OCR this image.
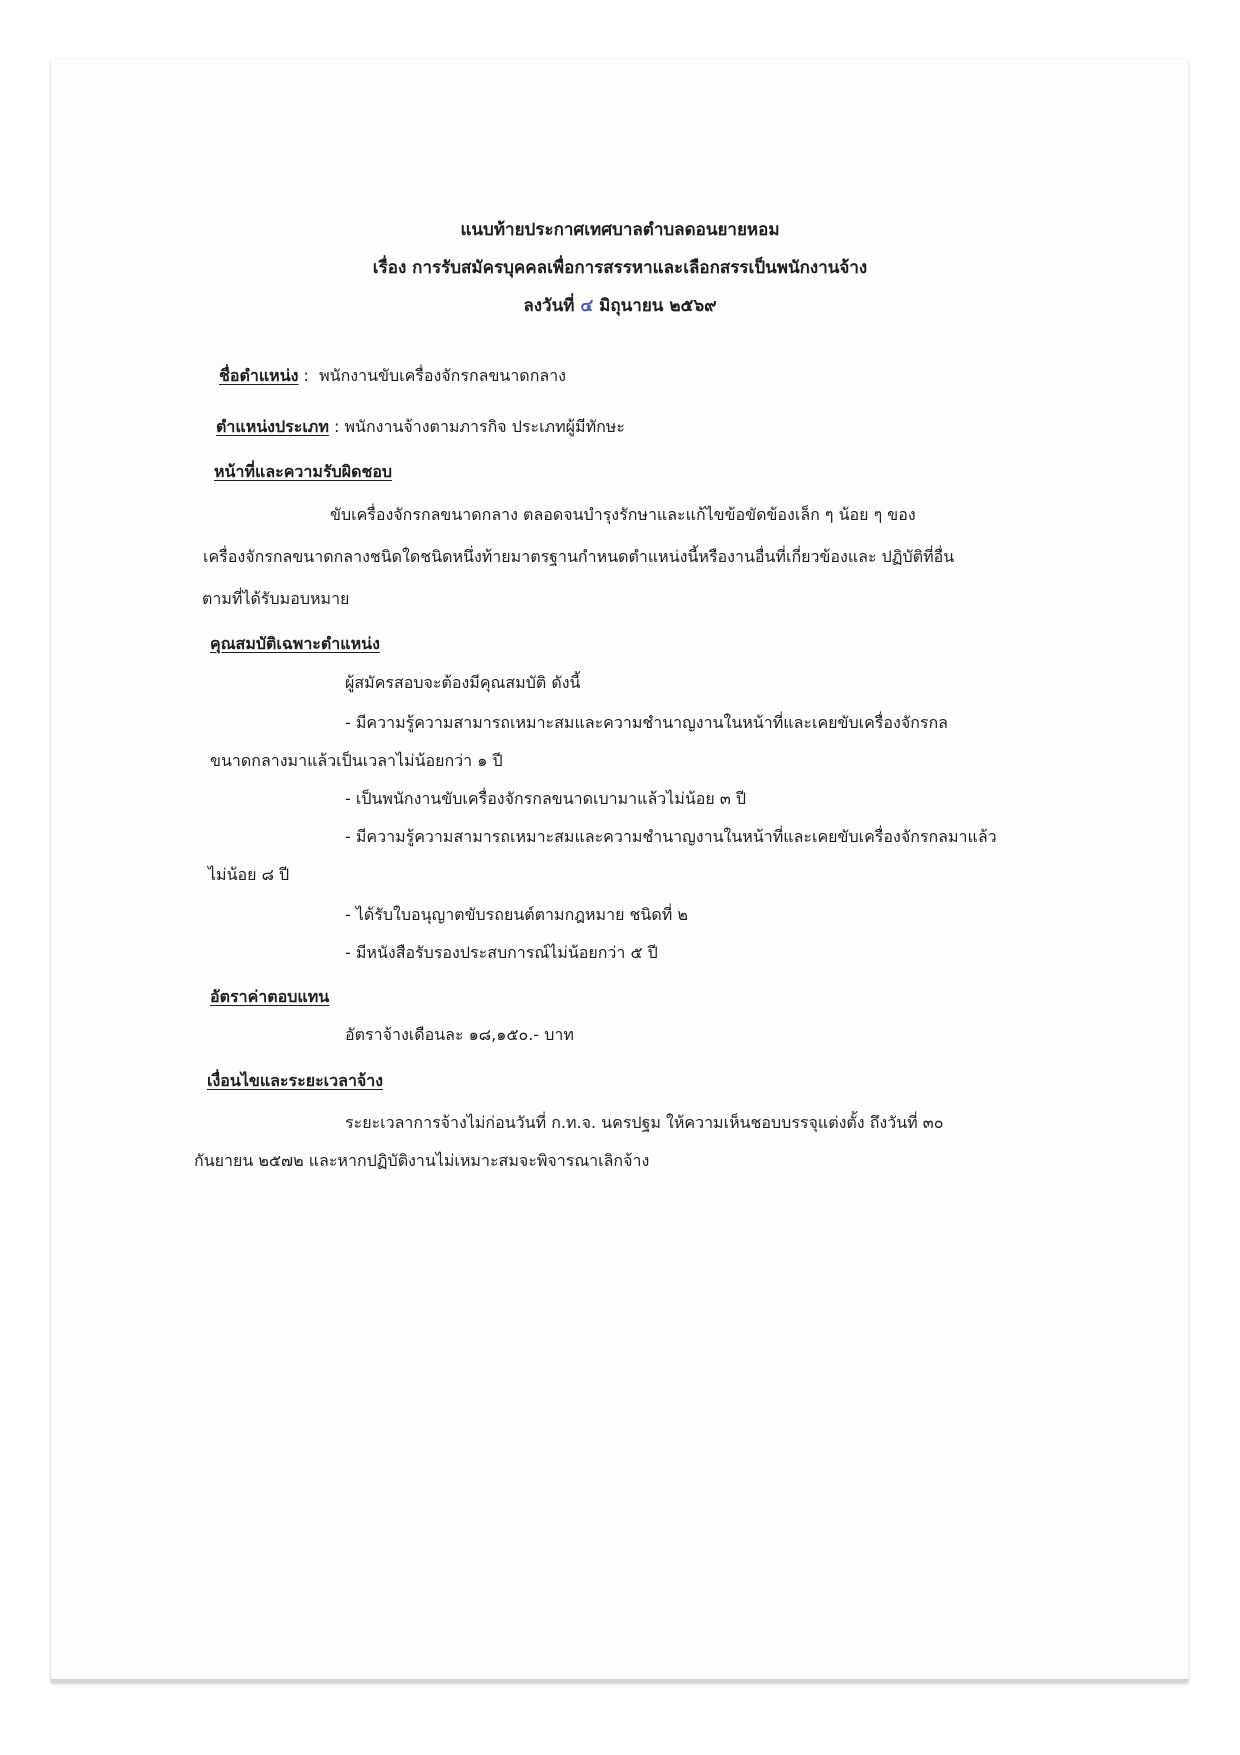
แนบท้ายประกาศเทศบาลตำบลดอนยายหอม
เรื่อง การรับสมัครบุคคลเพื่อการสรรหาและเลือกสรรเป็นพนักงานจ้าง
ลงวันที่ ๔ มิถุนายน ๒๕๖๙
ชื่อตำแหน่ง : พนักงานขับเครื่องจักรกลขนาดกลาง
ตำแหน่งประเภท : พนักงานจ้างตามภารกิจ ประเภทผู้มีทักษะ
หน้าที่และความรับผิดชอบ
ขับเครื่องจักรกลขนาดกลาง ตลอดจนบำรุงรักษาและแก้ไขข้อขัดข้องเล็ก ๆ น้อย ๆ ของ
เครื่องจักรกลขนาดกลางชนิดใดชนิดหนึ่งท้ายมาตรฐานกำหนดตำแหน่งนี้หรืองานอื่นที่เกี่ยวข้องและ ปฏิบัติที่อื่น
ตามที่ได้รับมอบหมาย
คุณสมบัติเฉพาะตำแหน่ง
ผู้สมัครสอบจะต้องมีคุณสมบัติ ดังนี้
- มีความรู้ความสามารถเหมาะสมและความชำนาญงานในหน้าที่และเคยขับเครื่องจักรกล
ขนาดกลางมาแล้วเป็นเวลาไม่น้อยกว่า ๑ ปี
- เป็นพนักงานขับเครื่องจักรกลขนาดเบามาแล้วไม่น้อย ๓ ปี
- มีความรู้ความสามารถเหมาะสมและความชำนาญงานในหน้าที่และเคยขับเครื่องจักรกลมาแล้ว
ไม่น้อย ๘ ปี
- ได้รับใบอนุญาตขับรถยนต์ตามกฎหมาย ชนิดที่ ๒
- มีหนังสือรับรองประสบการณ์ไม่น้อยกว่า ๕ ปี
อัตราค่าตอบแทน
อัตราจ้างเดือนละ ๑๘,๑๕๐.- บาท
เงื่อนไขและระยะเวลาจ้าง
ระยะเวลาการจ้างไม่ก่อนวันที่ ก.ท.จ. นครปฐม ให้ความเห็นชอบบรรจุแต่งตั้ง ถึงวันที่ ๓๐
กันยายน ๒๕๗๒ และหากปฏิบัติงานไม่เหมาะสมจะพิจารณาเลิกจ้าง
